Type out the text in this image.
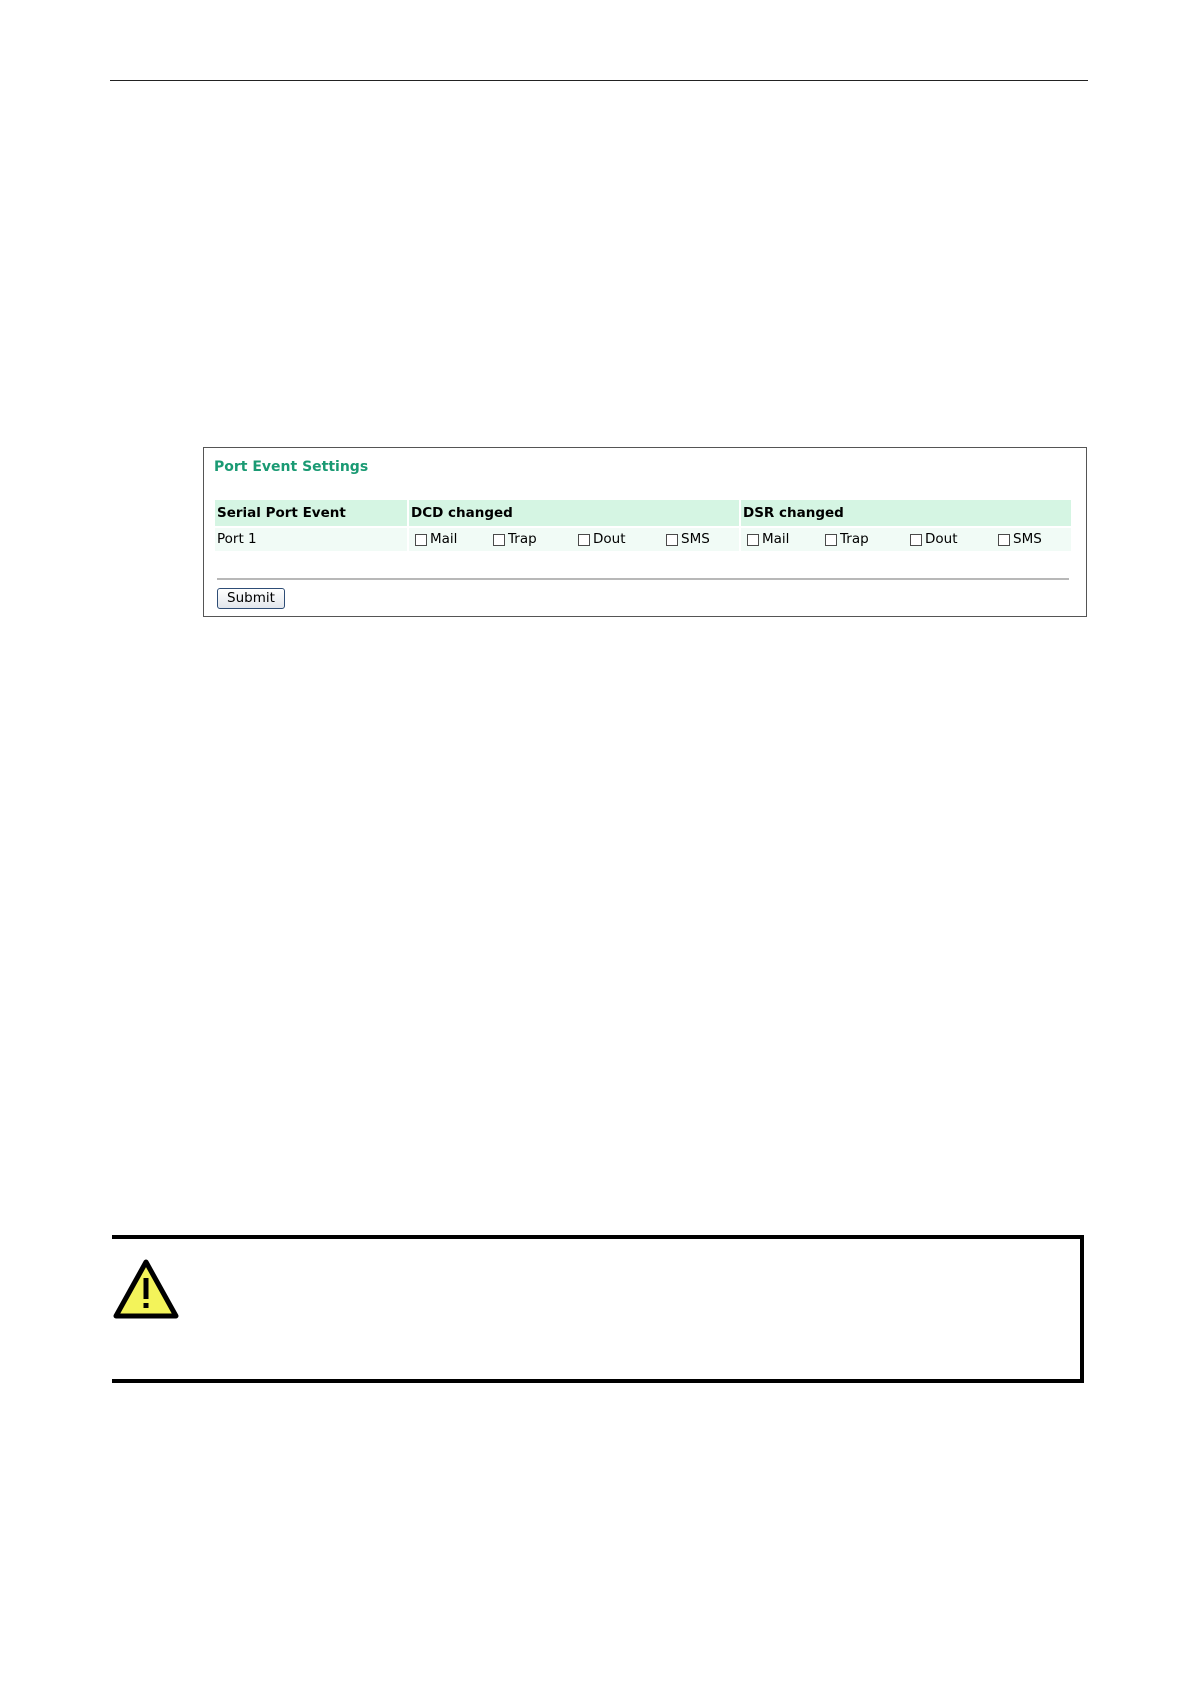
Port Event Settings
Serial Port Event	DCD changed	DSR changed
Port 1	Mail	Trap	Dout	SMS	Mail	Trap	Dout	SMS
Submit
